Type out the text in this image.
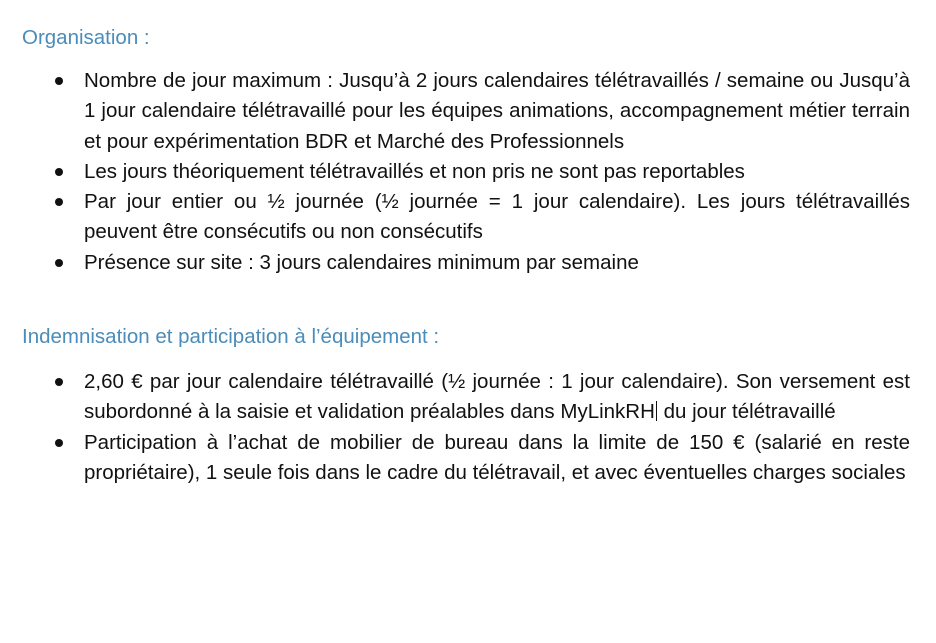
Organisation :
Nombre de jour maximum : Jusqu’à 2 jours calendaires télétravaillés / semaine ou Jusqu’à 1 jour calendaire télétravaillé pour les équipes animations, accompagnement métier terrain et pour expérimentation BDR et Marché des Professionnels
Les jours théoriquement télétravaillés et non pris ne sont pas reportables
Par jour entier ou ½ journée (½ journée = 1 jour calendaire). Les jours télétravaillés peuvent être consécutifs ou non consécutifs
Présence sur site : 3 jours calendaires minimum par semaine
Indemnisation et participation à l’équipement :
2,60 € par jour calendaire télétravaillé (½ journée : 1 jour calendaire). Son versement est subordonné à la saisie et validation préalables dans MyLinkRH du jour télétravaillé
Participation à l’achat de mobilier de bureau dans la limite de 150 € (salarié en reste propriétaire), 1 seule fois dans le cadre du télétravail, et avec éventuelles charges sociales
